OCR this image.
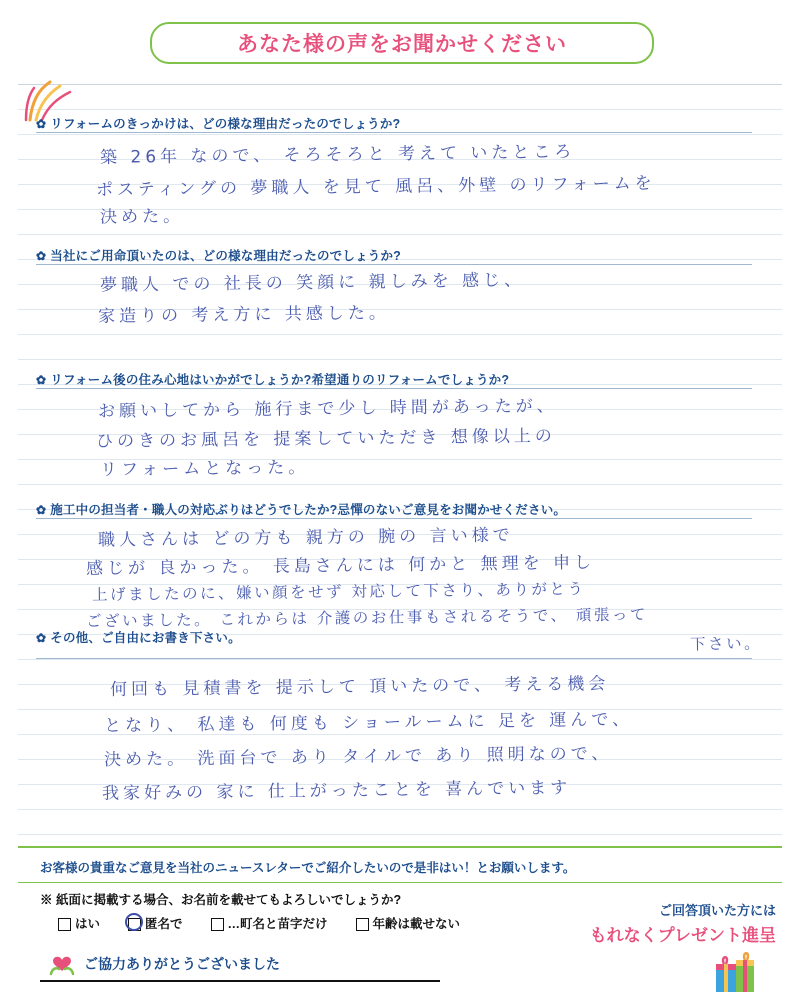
あなた様の声をお聞かせください
✿ リフォームのきっかけは、どの様な理由だったのでしょうか?
築 26年 なので、 そろそろと 考えて いたところ
ポスティングの 夢職人 を見て 風呂、外壁 のリフォームを
決めた。
✿ 当社にご用命頂いたのは、どの様な理由だったのでしょうか?
夢職人 での 社長の 笑顔に 親しみを 感じ、
家造りの 考え方に 共感した。
✿ リフォーム後の住み心地はいかがでしょうか?希望通りのリフォームでしょうか?
お願いしてから 施行まで少し 時間があったが、
ひのきのお風呂を 提案していただき 想像以上の
リフォームとなった。
✿ 施工中の担当者・職人の対応ぶりはどうでしたか?忌憚のないご意見をお聞かせください。
職人さんは どの方も 親方の 腕の 言い様で
感じが 良かった。 長島さんには 何かと 無理を 申し
上げましたのに、嫌い顔をせず 対応して下さり、ありがとう
ございました。 これからは 介護のお仕事もされるそうで、 頑張って
下さい。
✿ その他、ご自由にお書き下さい。
何回も 見積書を 提示して 頂いたので、 考える機会
となり、 私達も 何度も ショールームに 足を 運んで、
決めた。 洗面台で あり タイルで あり 照明なので、
我家好みの 家に 仕上がったことを 喜んでいます
お客様の貴重なご意見を当社のニュースレターでご紹介したいので是非はい！とお願いします。
※ 紙面に掲載する場合、お名前を載せてもよろしいでしょうか?
はい	匿名で	…町名と苗字だけ	年齢は載せない
ご協力ありがとうございました
ご回答頂いた方には
もれなくプレゼント進呈
